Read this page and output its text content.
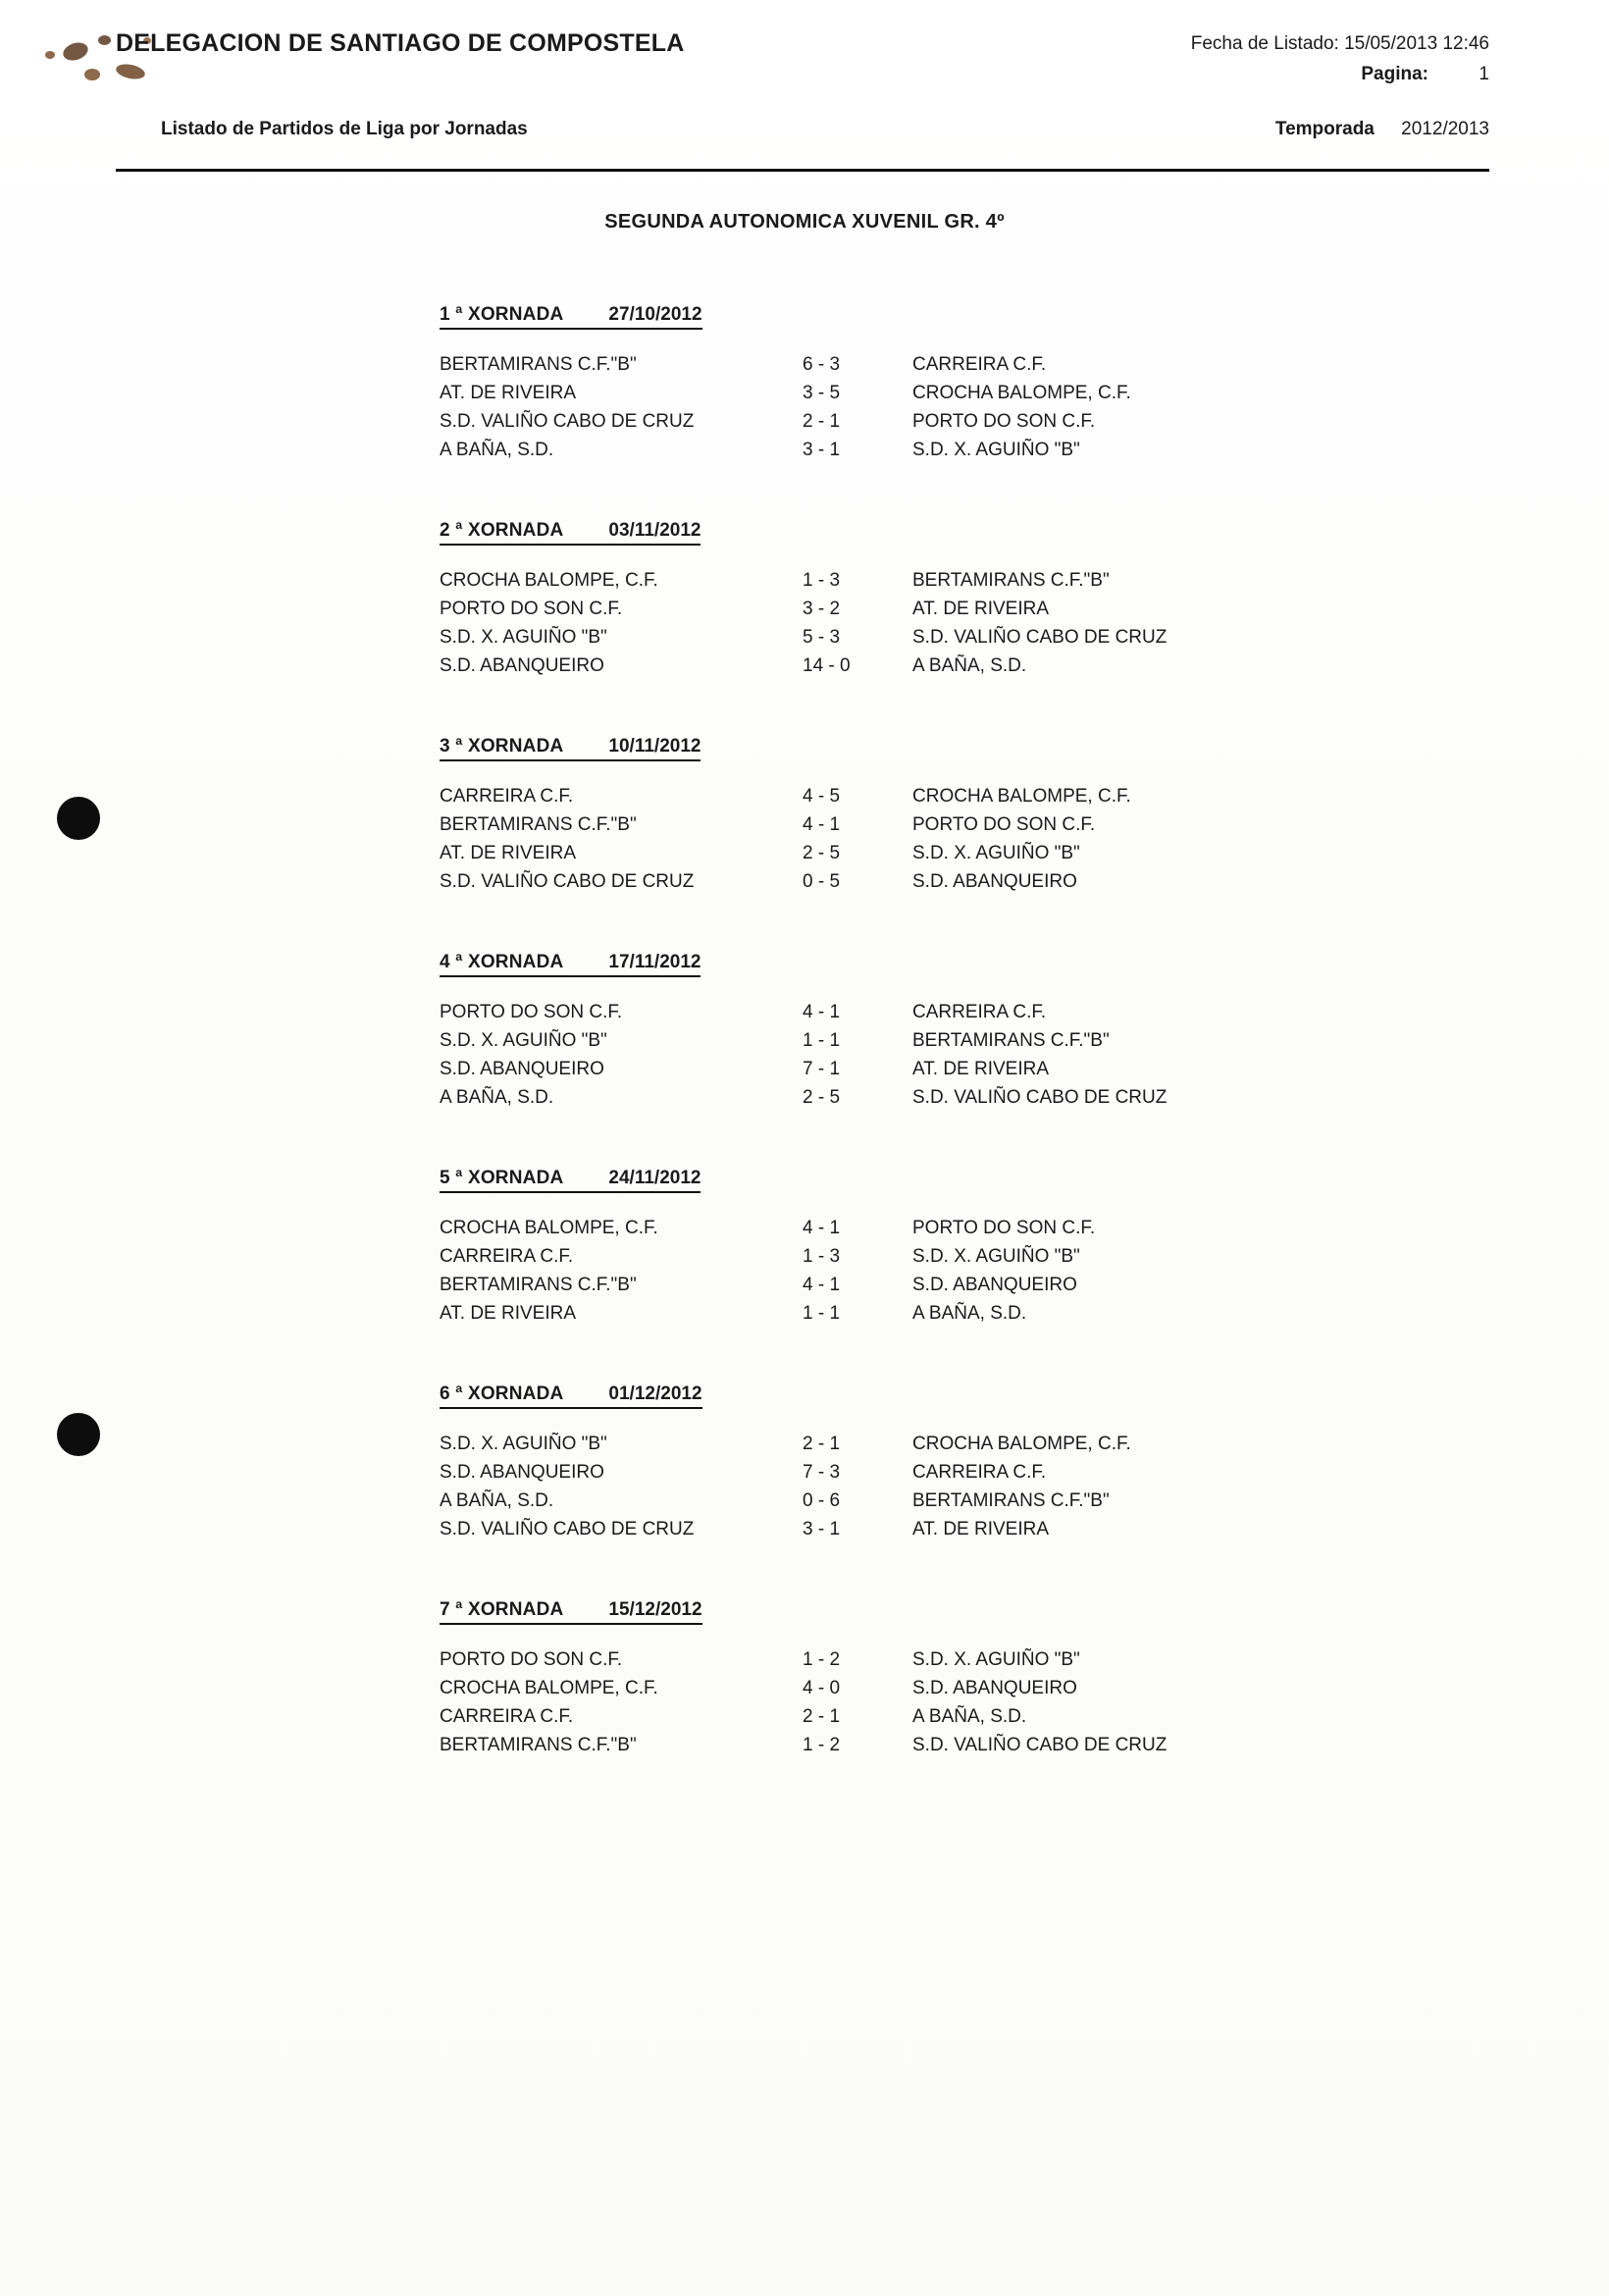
DELEGACION DE SANTIAGO DE COMPOSTELA	Fecha de Listado: 15/05/2013 12:46
Pagina:	1
Listado de Partidos de Liga por Jornadas	Temporada 2012/2013
SEGUNDA AUTONOMICA XUVENIL GR. 4º
1 ª XORNADA 27/10/2012
BERTAMIRANS C.F."B"	6 - 3	CARREIRA C.F.
AT. DE RIVEIRA	3 - 5	CROCHA BALOMPE, C.F.
S.D. VALIÑO CABO DE CRUZ	2 - 1	PORTO DO SON C.F.
A BAÑA, S.D.	3 - 1	S.D. X. AGUIÑO "B"
2 ª XORNADA 03/11/2012
CROCHA BALOMPE, C.F.	1 - 3	BERTAMIRANS C.F."B"
PORTO DO SON C.F.	3 - 2	AT. DE RIVEIRA
S.D. X. AGUIÑO "B"	5 - 3	S.D. VALIÑO CABO DE CRUZ
S.D. ABANQUEIRO	14 - 0	A BAÑA, S.D.
3 ª XORNADA 10/11/2012
CARREIRA C.F.	4 - 5	CROCHA BALOMPE, C.F.
BERTAMIRANS C.F."B"	4 - 1	PORTO DO SON C.F.
AT. DE RIVEIRA	2 - 5	S.D. X. AGUIÑO "B"
S.D. VALIÑO CABO DE CRUZ	0 - 5	S.D. ABANQUEIRO
4 ª XORNADA 17/11/2012
PORTO DO SON C.F.	4 - 1	CARREIRA C.F.
S.D. X. AGUIÑO "B"	1 - 1	BERTAMIRANS C.F."B"
S.D. ABANQUEIRO	7 - 1	AT. DE RIVEIRA
A BAÑA, S.D.	2 - 5	S.D. VALIÑO CABO DE CRUZ
5 ª XORNADA 24/11/2012
CROCHA BALOMPE, C.F.	4 - 1	PORTO DO SON C.F.
CARREIRA C.F.	1 - 3	S.D. X. AGUIÑO "B"
BERTAMIRANS C.F."B"	4 - 1	S.D. ABANQUEIRO
AT. DE RIVEIRA	1 - 1	A BAÑA, S.D.
6 ª XORNADA 01/12/2012
S.D. X. AGUIÑO "B"	2 - 1	CROCHA BALOMPE, C.F.
S.D. ABANQUEIRO	7 - 3	CARREIRA C.F.
A BAÑA, S.D.	0 - 6	BERTAMIRANS C.F."B"
S.D. VALIÑO CABO DE CRUZ	3 - 1	AT. DE RIVEIRA
7 ª XORNADA 15/12/2012
PORTO DO SON C.F.	1 - 2	S.D. X. AGUIÑO "B"
CROCHA BALOMPE, C.F.	4 - 0	S.D. ABANQUEIRO
CARREIRA C.F.	2 - 1	A BAÑA, S.D.
BERTAMIRANS C.F."B"	1 - 2	S.D. VALIÑO CABO DE CRUZ
